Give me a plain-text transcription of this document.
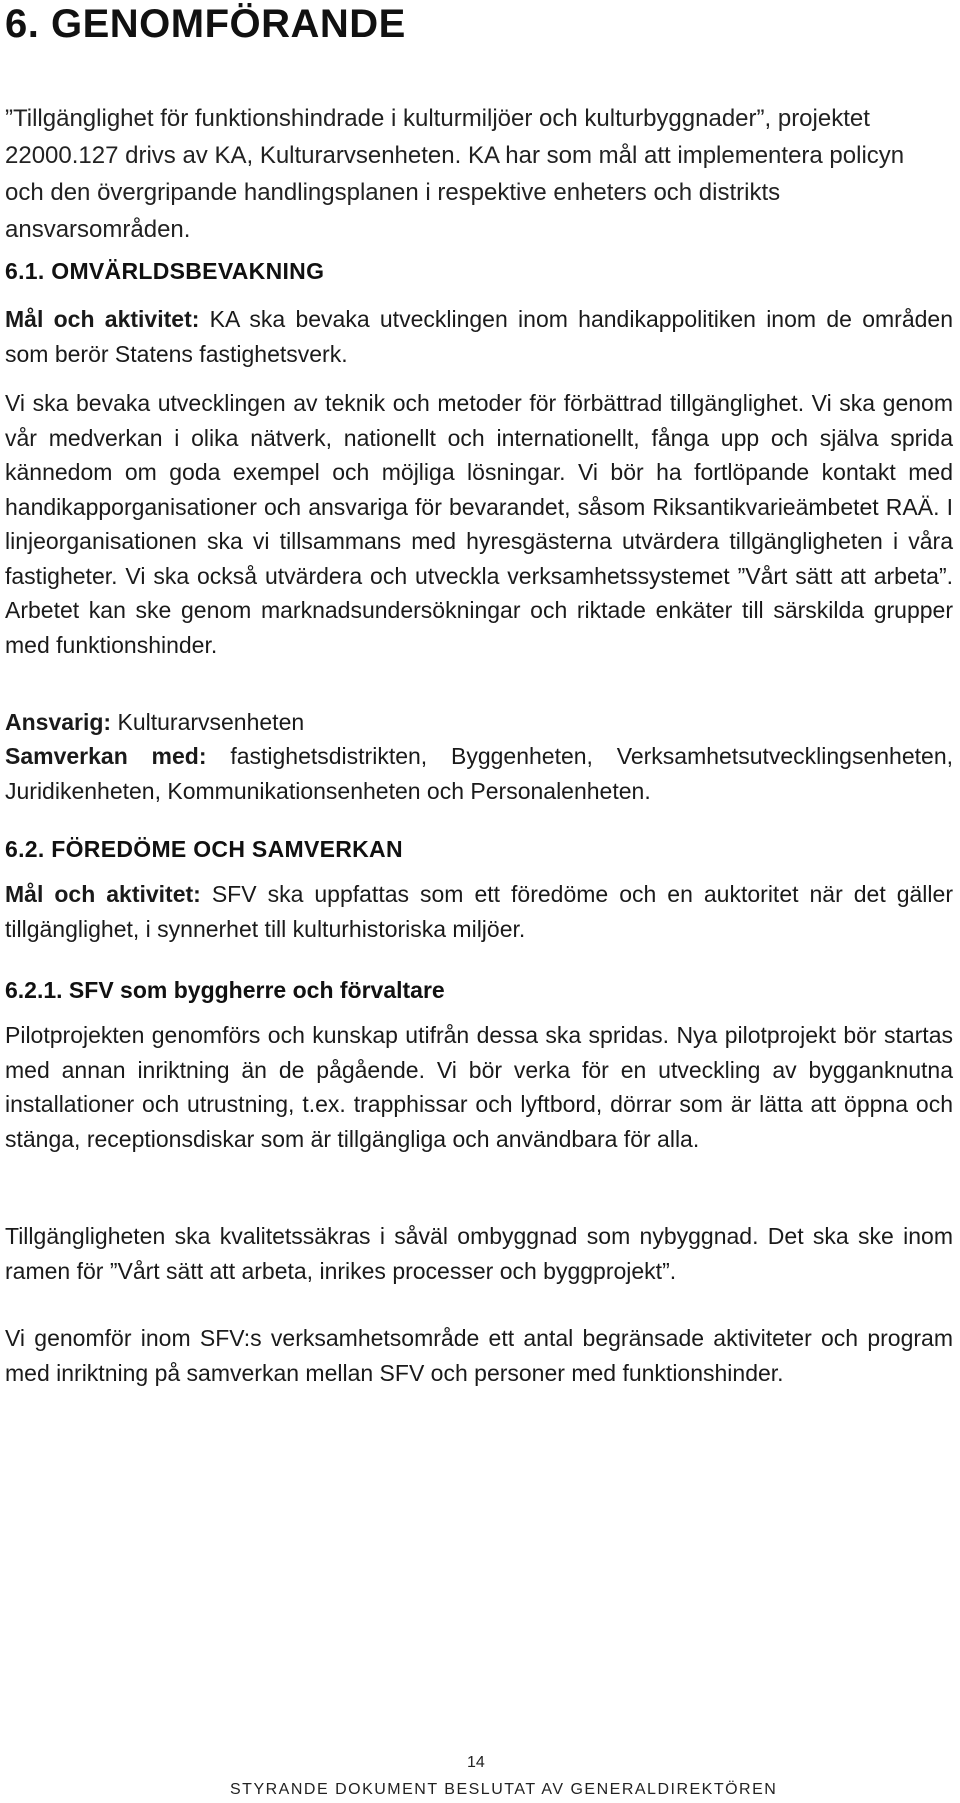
6. GENOMFÖRANDE

”Tillgänglighet för funktionshindrade i kulturmiljöer och kulturbyggnader”, projektet 22000.127 drivs av KA, Kulturarvsenheten. KA har som mål att implementera policyn och den övergripande handlingsplanen i respektive enheters och distrikts ansvarsområden.

6.1. OMVÄRLDSBEVAKNING

Mål och aktivitet: KA ska bevaka utvecklingen inom handikappolitiken inom de områden som berör Statens fastighetsverk.

Vi ska bevaka utvecklingen av teknik och metoder för förbättrad tillgänglighet. Vi ska genom vår medverkan i olika nätverk, nationellt och internationellt, fånga upp och själva sprida kännedom om goda exempel och möjliga lösningar. Vi bör ha fortlöpande kontakt med handikapporganisationer och ansvariga för bevarandet, såsom Riksantikvarieämbetet RAÄ. I linjeorganisationen ska vi tillsammans med hyresgästerna utvärdera tillgängligheten i våra fastigheter. Vi ska också utvärdera och utveckla verksamhetssystemet ”Vårt sätt att arbeta”. Arbetet kan ske genom marknadsundersökningar och riktade enkäter till särskilda grupper med funktionshinder.

Ansvarig: Kulturarvsenheten

Samverkan med: fastighetsdistrikten, Byggenheten, Verksamhetsutvecklingsenheten, Juridikenheten, Kommunikationsenheten och Personalenheten.

6.2. FÖREDÖME OCH SAMVERKAN

Mål och aktivitet: SFV ska uppfattas som ett föredöme och en auktoritet när det gäller tillgänglighet, i synnerhet till kulturhistoriska miljöer.

6.2.1. SFV som byggherre och förvaltare

Pilotprojekten genomförs och kunskap utifrån dessa ska spridas. Nya pilotprojekt bör startas med annan inriktning än de pågående. Vi bör verka för en utveckling av bygganknutna installationer och utrustning, t.ex. trapphissar och lyftbord, dörrar som är lätta att öppna och stänga, receptionsdiskar som är tillgängliga och användbara för alla.

Tillgängligheten ska kvalitetssäkras i såväl ombyggnad som nybyggnad. Det ska ske inom ramen för ”Vårt sätt att arbeta, inrikes processer och byggprojekt”.

Vi genomför inom SFV:s verksamhetsområde ett antal begränsade aktiviteter och program med inriktning på samverkan mellan SFV och personer med funktionshinder.

14
STYRANDE DOKUMENT BESLUTAT AV GENERALDIREKTÖREN
